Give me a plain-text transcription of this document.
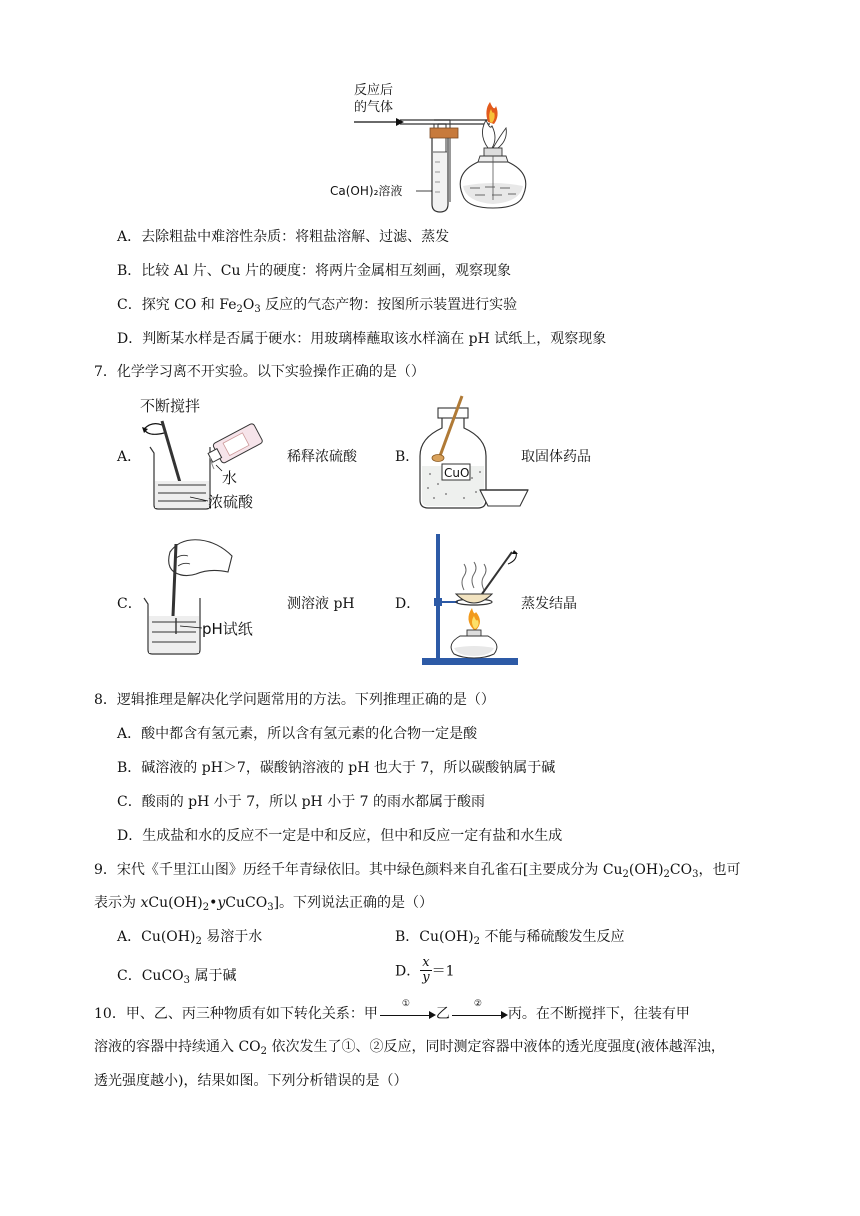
反应后
的气体
Ca(OH)₂溶液
A．去除粗盐中难溶性杂质：将粗盐溶解、过滤、蒸发
B．比较 Al 片、Cu 片的硬度：将两片金属相互刻画，观察现象
C．探究 CO 和 $Fe_2O_3$ 反应的气态产物：按图所示装置进行实验
D．判断某水样是否属于硬水：用玻璃棒蘸取该水样滴在 pH 试纸上，观察现象
7．化学学习离不开实验。以下实验操作正确的是（）
不断搅拌
水
浓硫酸
A．	稀释浓硫酸
CuO
B．	取固体药品
pH试纸
C．	测溶液 pH	D．	蒸发结晶
8．逻辑推理是解决化学问题常用的方法。下列推理正确的是（）
A．酸中都含有氢元素，所以含有氢元素的化合物一定是酸
B．碱溶液的 pH＞7，碳酸钠溶液的 pH 也大于 7，所以碳酸钠属于碱
C．酸雨的 pH 小于 7，所以 pH 小于 7 的雨水都属于酸雨
D．生成盐和水的反应不一定是中和反应，但中和反应一定有盐和水生成
9．宋代《千里江山图》历经千年青绿依旧。其中绿色颜料来自孔雀石[主要成分为 $Cu_2(OH)_2CO_3$，也可
表示为 $xCu(OH)_2•yCuCO_3$]。下列说法正确的是（）
A．$Cu(OH)_2$ 易溶于水	B．$Cu(OH)_2$ 不能与稀硫酸发生反应
C．CuCO$_3$ 属于碱	D． $\frac{x}{y} =1$
10．甲、乙、丙三种物质有如下转化关系：甲
①
乙
②
丙。在不断搅拌下，往装有甲
溶液的容器中持续通入 $CO_2$ 依次发生了①、②反应，同时测定容器中液体的透光度强度(液体越浑浊，
透光强度越小)，结果如图。下列分析错误的是（）
